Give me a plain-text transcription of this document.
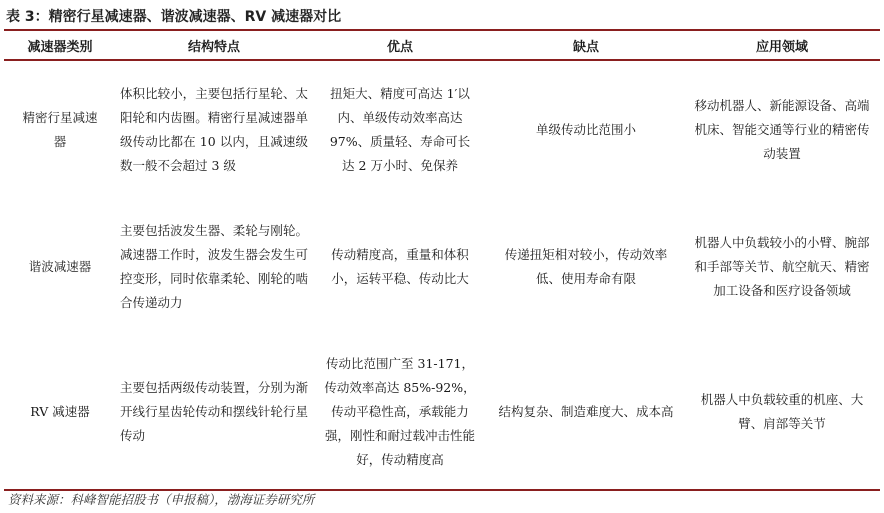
表 3：精密行星减速器、谐波减速器、RV 减速器对比
减速器类别	结构特点	优点	缺点	应用领域
精密行星减速器	体积比较小，主要包括行星轮、太阳轮和内齿圈。精密行星减速器单级传动比都在 10 以内，且减速级数一般不会超过 3 级	扭矩大、精度可高达 1′以内、单级传动效率高达 97%、质量轻、寿命可长达 2 万小时、免保养	单级传动比范围小	移动机器人、新能源设备、高端机床、智能交通等行业的精密传动装置
谐波减速器	主要包括波发生器、柔轮与刚轮。减速器工作时，波发生器会发生可控变形，同时依靠柔轮、刚轮的啮合传递动力	传动精度高，重量和体积小，运转平稳、传动比大	传递扭矩相对较小，传动效率低、使用寿命有限	机器人中负载较小的小臂、腕部和手部等关节、航空航天、精密加工设备和医疗设备领域
RV 减速器	主要包括两级传动装置，分别为渐开线行星齿轮传动和摆线针轮行星传动	传动比范围广至 31-171，传动效率高达 85%-92%，传动平稳性高，承载能力强，刚性和耐过载冲击性能好，传动精度高	结构复杂、制造难度大、成本高	机器人中负载较重的机座、大臂、肩部等关节
资料来源：科峰智能招股书（申报稿），渤海证券研究所
